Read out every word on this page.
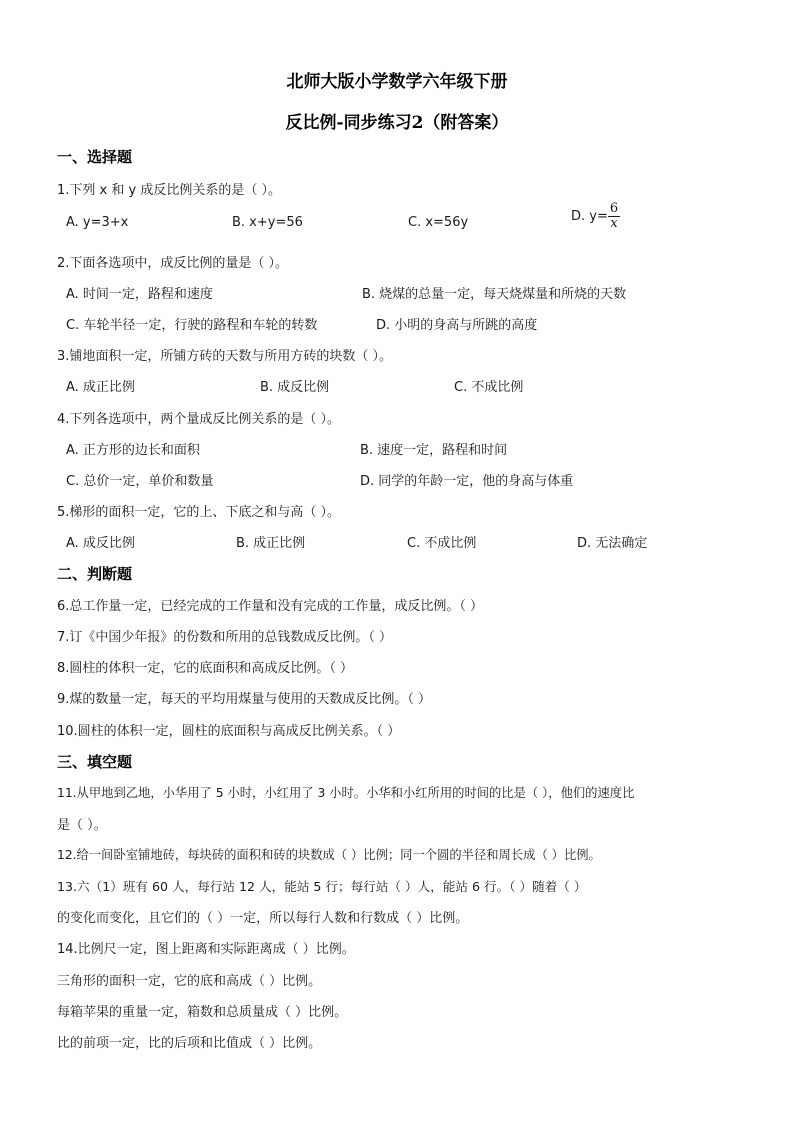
北师大版小学数学六年级下册
反比例-同步练习2（附答案）
一、选择题
1.下列 x 和 y 成反比例关系的是（ ）。
A. y=3+x	B. x+y=56	C. x=56y	D. $y= \frac{6}{x}$
2.下面各选项中，成反比例的量是（ ）。
A. 时间一定，路程和速度	B. 烧煤的总量一定，每天烧煤量和所烧的天数
C. 车轮半径一定，行驶的路程和车轮的转数	D. 小明的身高与所跳的高度
3.铺地面积一定，所铺方砖的天数与所用方砖的块数（ ）。
A. 成正比例	B. 成反比例	C. 不成比例
4.下列各选项中，两个量成反比例关系的是（ ）。
A. 正方形的边长和面积	B. 速度一定，路程和时间
C. 总价一定，单价和数量	D. 同学的年龄一定，他的身高与体重
5.梯形的面积一定，它的上、下底之和与高（ ）。
A. 成反比例	B. 成正比例	C. 不成比例	D. 无法确定
二、判断题
6.总工作量一定，已经完成的工作量和没有完成的工作量，成反比例。（ ）
7.订《中国少年报》的份数和所用的总钱数成反比例。（ ）
8.圆柱的体积一定，它的底面积和高成反比例。（ ）
9.煤的数量一定，每天的平均用煤量与使用的天数成反比例。（ ）
10.圆柱的体积一定，圆柱的底面积与高成反比例关系。（ ）
三、填空题
11.从甲地到乙地，小华用了 5 小时，小红用了 3 小时。小华和小红所用的时间的比是（ ），他们的速度比
是（ ）。
12.给一间卧室铺地砖，每块砖的面积和砖的块数成（ ）比例；同一个圆的半径和周长成（ ）比例。
13.六（1）班有 60 人，每行站 12 人，能站 5 行；每行站（ ）人，能站 6 行。（ ）随着（ ）
的变化而变化，且它们的（ ）一定，所以每行人数和行数成（ ）比例。
14.比例尺一定，图上距离和实际距离成（ ）比例。
三角形的面积一定，它的底和高成（ ）比例。
每箱苹果的重量一定，箱数和总质量成（ ）比例。
比的前项一定，比的后项和比值成（ ）比例。
